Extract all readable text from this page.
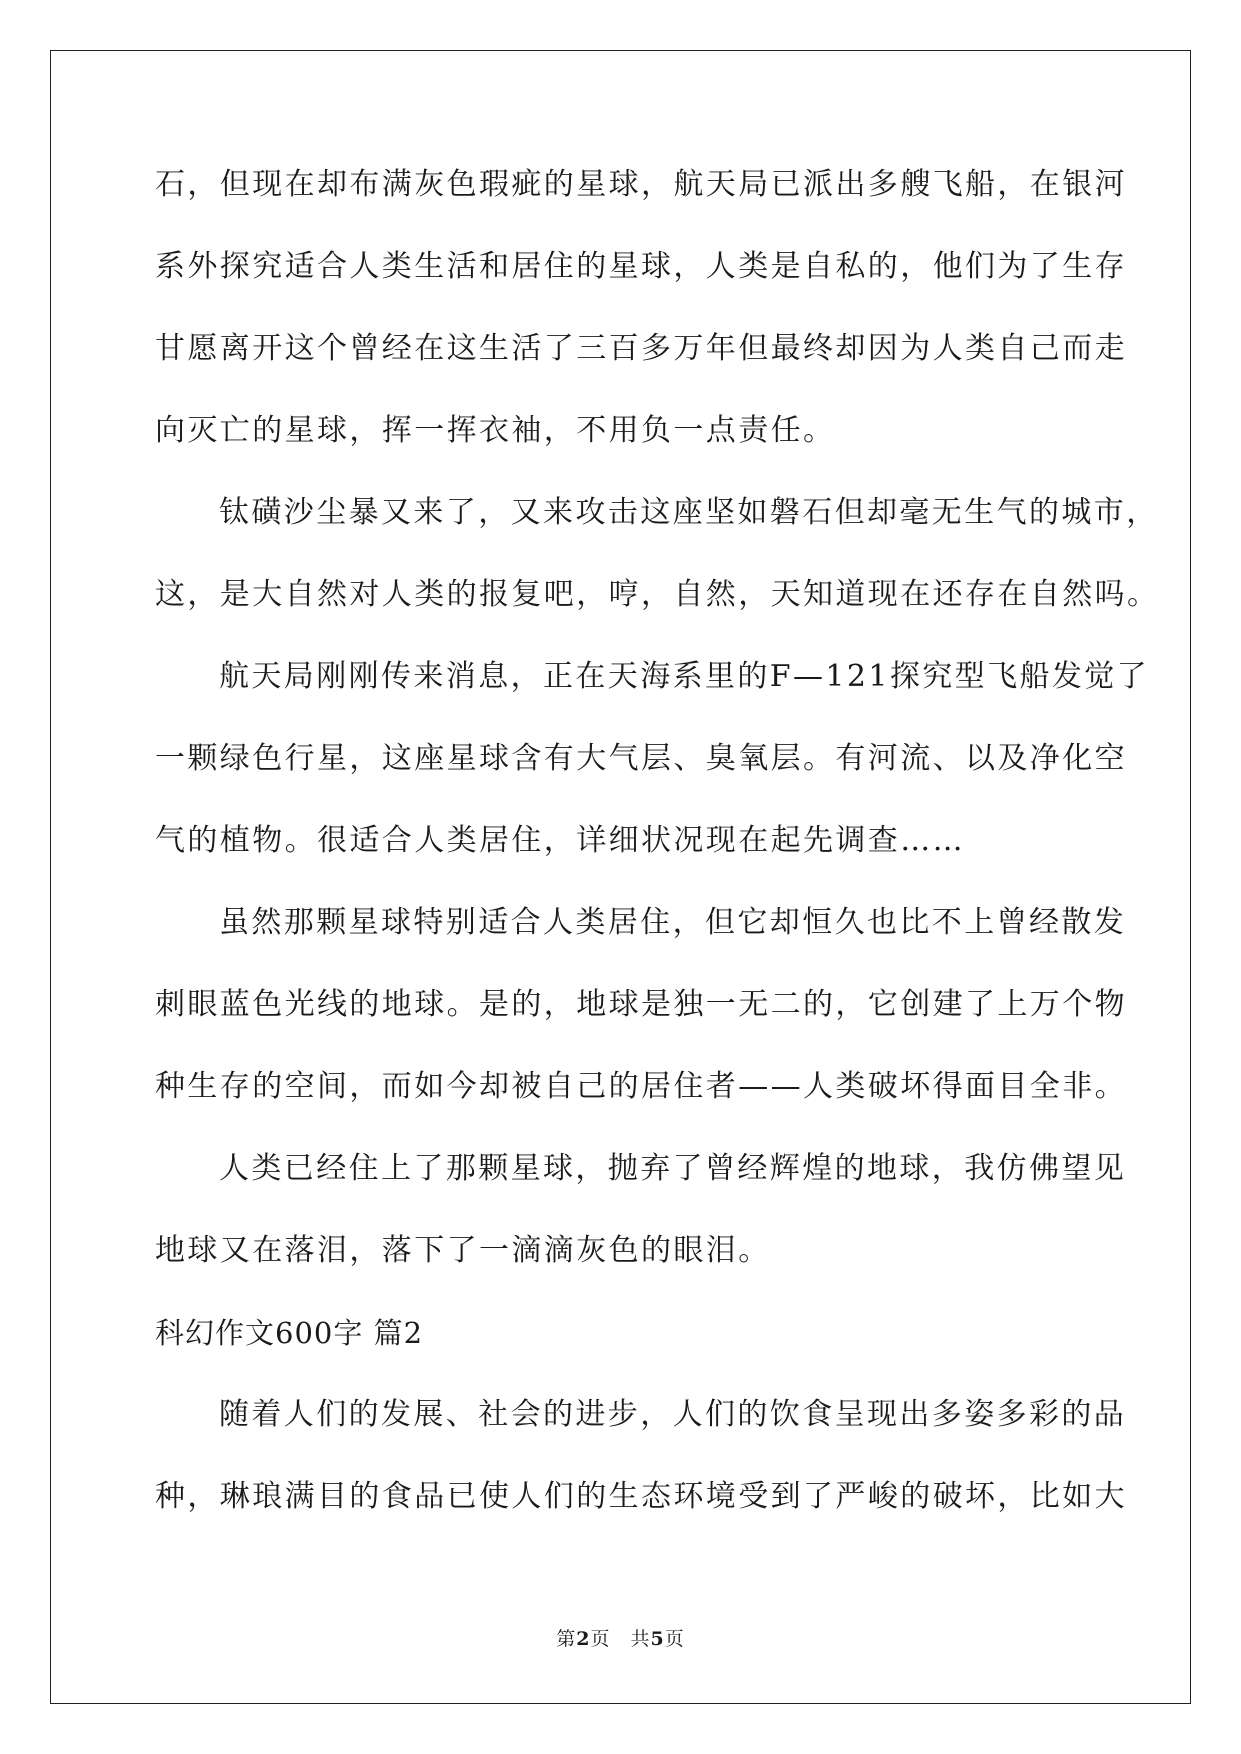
石，但现在却布满灰色瑕疵的星球，航天局已派出多艘飞船，在银河
系外探究适合人类生活和居住的星球，人类是自私的，他们为了生存
甘愿离开这个曾经在这生活了三百多万年但最终却因为人类自己而走
向灭亡的星球，挥一挥衣袖，不用负一点责任。
钛磺沙尘暴又来了，又来攻击这座坚如磐石但却毫无生气的城市，
这，是大自然对人类的报复吧，哼，自然，天知道现在还存在自然吗。
航天局刚刚传来消息，正在天海系里的F—121探究型飞船发觉了
一颗绿色行星，这座星球含有大气层、臭氧层。有河流、以及净化空
气的植物。很适合人类居住，详细状况现在起先调查……
虽然那颗星球特别适合人类居住，但它却恒久也比不上曾经散发
刺眼蓝色光线的地球。是的，地球是独一无二的，它创建了上万个物
种生存的空间，而如今却被自己的居住者——人类破坏得面目全非。
人类已经住上了那颗星球，抛弃了曾经辉煌的地球，我仿佛望见
地球又在落泪，落下了一滴滴灰色的眼泪。
科幻作文600字 篇2
随着人们的发展、社会的进步，人们的饮食呈现出多姿多彩的品
种，琳琅满目的食品已使人们的生态环境受到了严峻的破坏，比如大
第2页　共5页
